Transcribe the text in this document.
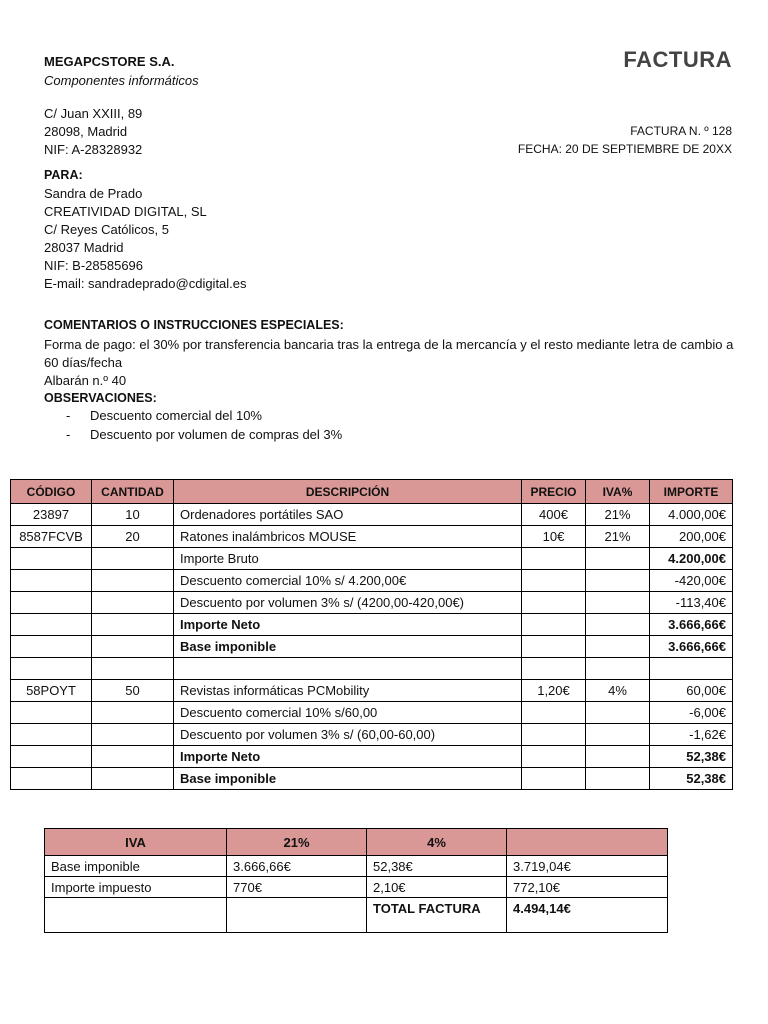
MEGAPCSTORE S.A.
Componentes informáticos
FACTURA
C/ Juan XXIII, 89
28098, Madrid
NIF: A-28328932
FACTURA N. º 128
FECHA: 20 DE SEPTIEMBRE DE 20XX
PARA:
Sandra de Prado
CREATIVIDAD DIGITAL, SL
C/ Reyes Católicos, 5
28037 Madrid
NIF: B-28585696
E-mail: sandradeprado@cdigital.es
COMENTARIOS O INSTRUCCIONES ESPECIALES:
Forma de pago: el 30% por transferencia bancaria tras la entrega de la mercancía y el resto mediante letra de cambio a 60 días/fecha
Albarán n.º 40
OBSERVACIONES:
- Descuento comercial del 10%
- Descuento por volumen de compras del 3%
CÓDIGO	CANTIDAD	DESCRIPCIÓN	PRECIO	IVA%	IMPORTE
23897	10	Ordenadores portátiles SAO	400€	21%	4.000,00€
8587FCVB	20	Ratones inalámbricos MOUSE	10€	21%	200,00€
		Importe Bruto			4.200,00€
		Descuento comercial 10% s/ 4.200,00€			-420,00€
		Descuento por volumen 3% s/ (4200,00-420,00€)			-113,40€
		Importe Neto			3.666,66€
		Base imponible			3.666,66€

58POYT	50	Revistas informáticas PCMobility	1,20€	4%	60,00€
		Descuento comercial 10% s/60,00			-6,00€
		Descuento por volumen 3% s/ (60,00-60,00)			-1,62€
		Importe Neto			52,38€
		Base imponible			52,38€
IVA	21%	4%	
Base imponible	3.666,66€	52,38€	3.719,04€
Importe impuesto	770€	2,10€	772,10€
		TOTAL FACTURA	4.494,14€
